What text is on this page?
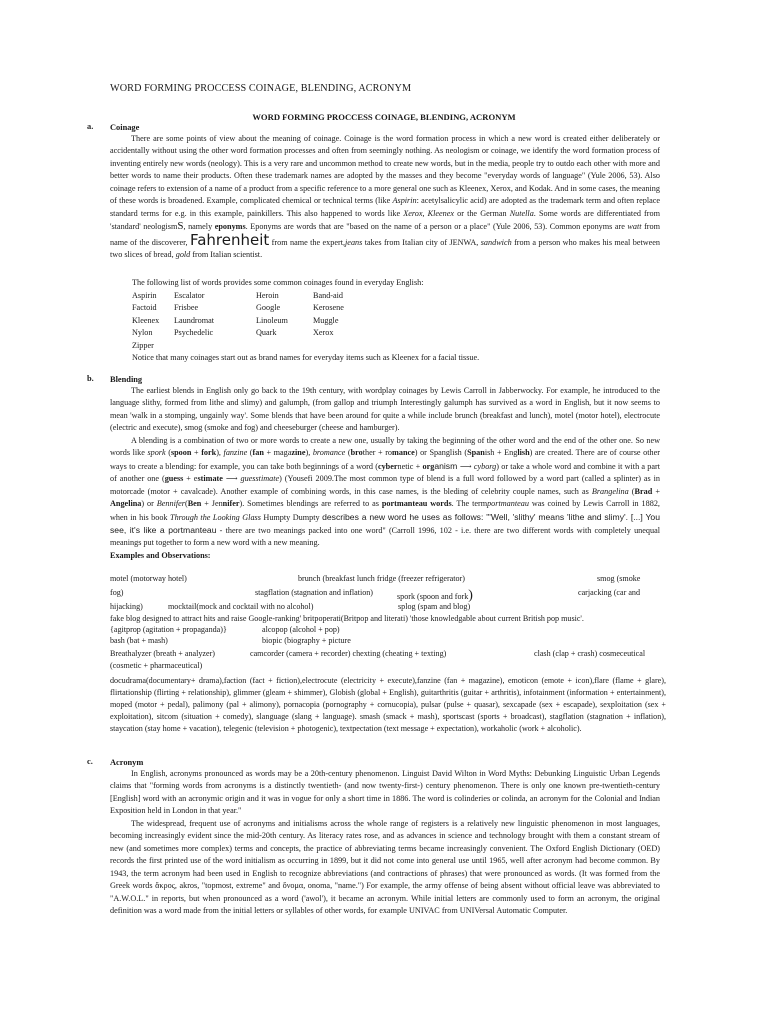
WORD FORMING PROCCESS COINAGE, BLENDING, ACRONYM
WORD FORMING PROCCESS COINAGE, BLENDING, ACRONYM
a.	Coinage

There are some points of view about the meaning of coinage. Coinage is the word formation process in which a new word is created either deliberately or accidentally without using the other word formation processes and often from seemingly nothing. As neologism or coinage, we identify the word formation process of inventing entirely new words (neology). This is a very rare and uncommon method to create new words, but in the media, people try to outdo each other with more and better words to name their products. Often these trademark names are adopted by the masses and they become "everyday words of language" (Yule 2006, 53). Also coinage refers to extension of a name of a product from a specific reference to a more general one such as Kleenex, Xerox, and Kodak. And in some cases, the meaning of these words is broadened. Example, complicated chemical or technical terms (like Aspirin: acetylsalicylic acid) are adopted as the trademark term and often replace standard terms for e.g. in this example, painkillers. This also happened to words like Xerox, Kleenex or the German Nutella. Some words are differentiated from 'standard' neologismS, namely eponyms. Eponyms are words that are "based on the name of a person or a place" (Yule 2006, 53). Common eponyms are watt from name of the discoverer, Fahrenheit from name the expert,jeans takes from Italian city of JENWA, sandwich from a person who makes his meal between two slices of bread, gold from Italian scientist.

The following list of words provides some common coinages found in everyday English:
Aspirin	Escalator	Heroin	Band-aid
Factoid	Frisbee	Google	Kerosene
Kleenex	Laundromat	Linoleum	Muggle
Nylon	Psychedelic	Quark	Xerox
Zipper
Notice that many coinages start out as brand names for everyday items such as Kleenex for a facial tissue.
b.	Blending

The earliest blends in English only go back to the 19th century, with wordplay coinages by Lewis Carroll in Jabberwocky. For example, he introduced to the language slithy, formed from lithe and slimy) and galumph, (from gallop and triumph Interestingly galumph has survived as a word in English, but it now seems to mean 'walk in a stomping, ungainly way'. Some blends that have been around for quite a while include brunch (breakfast and lunch), motel (motor hotel), electrocute (electric and execute), smog (smoke and fog) and cheeseburger (cheese and hamburger).

A blending is a combination of two or more words to create a new one, usually by taking the beginning of the other word and the end of the other one. So new words like spork (spoon + fork), fanzine (fan + magazine), bromance (brother + romance) or Spanglish (Spanish + English) are created. There are of course other ways to create a blending: for example, you can take both beginnings of a word (cybernetic + organism ⟶ cyborg) or take a whole word and combine it with a part of another one (guess + estimate ⟶ guesstimate) (Yousefi 2009.The most common type of blend is a full word followed by a word part (called a splinter) as in motorcade (motor + cavalcade). Another example of combining words, in this case names, is the bleding of celebrity couple names, such as Brangelina (Brad + Angelina) or Bennifer(Ben + Jennifer). Sometimes blendings are referred to as portmanteau words. The termportmanteau was coined by Lewis Carroll in 1882, when in his book Through the Looking Glass Humpty Dumpty describes a new word he uses as follows: "'Well, 'slithy' means 'lithe and slimy'. [...] You see, it's like a portmanteau - there are two meanings packed into one word" (Carroll 1996, 102 - i.e. there are two different words with completely unequal meanings put together to form a new word with a new meaning.

Examples and Observations:

motel (motorway hotel)	brunch (breakfast lunch fridge (freezer refrigerator)	smog (smoke
fog)	stagflation (stagnation and inflation)	spork (spoon and fork)	carjacking (car and
hijacking)	mocktail(mock and cocktail with no alcohol)	splog (spam and blog)
fake blog designed to attract hits and raise Google-ranking' britpoperati(Britpop and literati) 'those knowledgable about current British pop music'.
{agitprop (agitation + propaganda)}	alcopop (alcohol + pop)
bash (bat + mash)	biopic (biography + picture
Breathalyzer (breath + analyzer)	camcorder (camera + recorder) chexting (cheating + texting)	clash (clap + crash) cosmeceutical
(cosmetic + pharmaceutical)
docudrama(documentary+ drama),faction (fact + fiction),electrocute (electricity + execute),fanzine (fan + magazine), emoticon (emote + icon),flare (flame + glare), flirtationship (flirting + relationship), glimmer (gleam + shimmer), Globish (global + English), guitarthritis (guitar + arthritis), infotainment (information + entertainment), moped (motor + pedal), palimony (pal + alimony), pornacopia (pornography + cornucopia), pulsar (pulse + quasar), sexcapade (sex + escapade), sexploitation (sex + exploitation), sitcom (situation + comedy), slanguage (slang + language). smash (smack + mash), sportscast (sports + broadcast), stagflation (stagnation + inflation), staycation (stay home + vacation), telegenic (television + photogenic), textpectation (text message + expectation), workaholic (work + alcoholic).
c.	Acronym

In English, acronyms pronounced as words may be a 20th-century phenomenon. Linguist David Wilton in Word Myths: Debunking Linguistic Urban Legends claims that "forming words from acronyms is a distinctly twentieth- (and now twenty-first-) century phenomenon. There is only one known pre-twentieth-century [English] word with an acronymic origin and it was in vogue for only a short time in 1886. The word is colinderies or colinda, an acronym for the Colonial and Indian Exposition held in London in that year."

The widespread, frequent use of acronyms and initialisms across the whole range of registers is a relatively new linguistic phenomenon in most languages, becoming increasingly evident since the mid-20th century. As literacy rates rose, and as advances in science and technology brought with them a constant stream of new (and sometimes more complex) terms and concepts, the practice of abbreviating terms became increasingly convenient. The Oxford English Dictionary (OED) records the first printed use of the word initialism as occurring in 1899, but it did not come into general use until 1965, well after acronym had become common. By 1943, the term acronym had been used in English to recognize abbreviations (and contractions of phrases) that were pronounced as words. (It was formed from the Greek words ἄκρος, akros, "topmost, extreme" and ὄνομα, onoma, "name.") For example, the army offense of being absent without official leave was abbreviated to "A.W.O.L." in reports, but when pronounced as a word ('awol'), it became an acronym. While initial letters are commonly used to form an acronym, the original definition was a word made from the initial letters or syllables of other words, for example UNIVAC from UNIVersal Automatic Computer.
